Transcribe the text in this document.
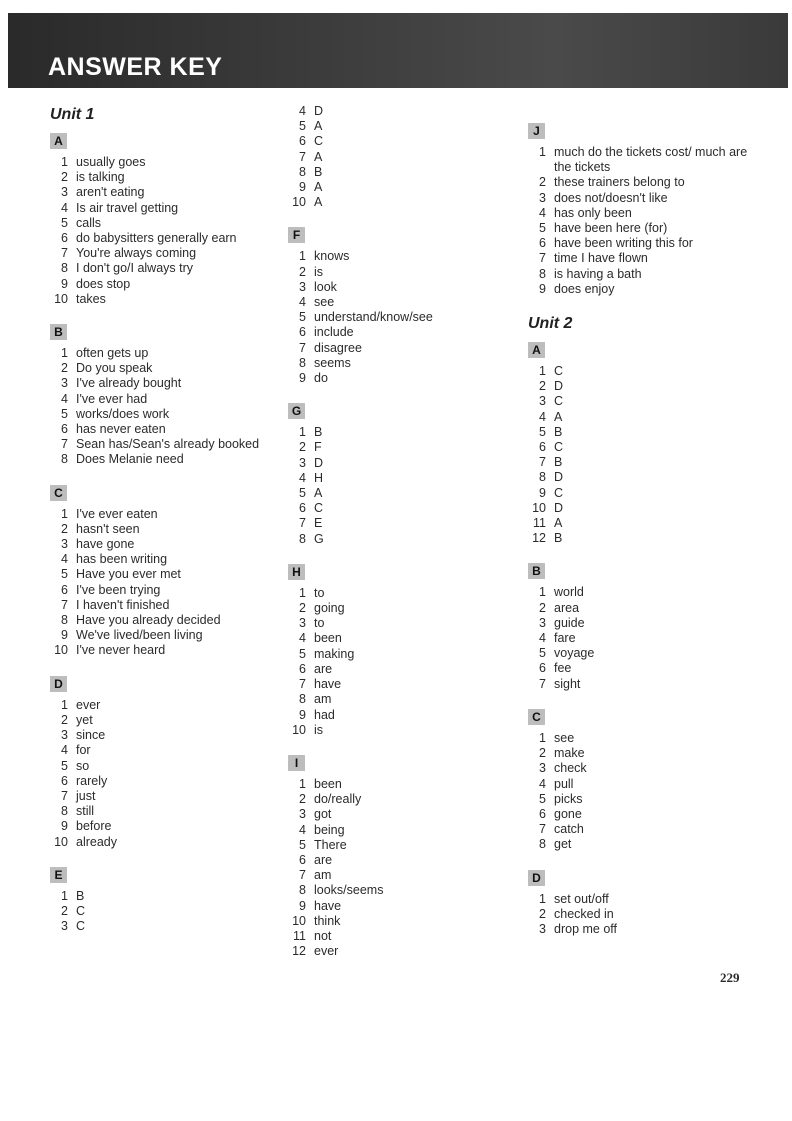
ANSWER KEY
Unit 1
A
1 usually goes
2 is talking
3 aren't eating
4 Is air travel getting
5 calls
6 do babysitters generally earn
7 You're always coming
8 I don't go/I always try
9 does stop
10 takes
B
1 often gets up
2 Do you speak
3 I've already bought
4 I've ever had
5 works/does work
6 has never eaten
7 Sean has/Sean's already booked
8 Does Melanie need
C
1 I've ever eaten
2 hasn't seen
3 have gone
4 has been writing
5 Have you ever met
6 I've been trying
7 I haven't finished
8 Have you already decided
9 We've lived/been living
10 I've never heard
D
1 ever
2 yet
3 since
4 for
5 so
6 rarely
7 just
8 still
9 before
10 already
E
1 B
2 C
3 C
4 D
5 A
6 C
7 A
8 B
9 A
10 A
F
1 knows
2 is
3 look
4 see
5 understand/know/see
6 include
7 disagree
8 seems
9 do
G
1 B
2 F
3 D
4 H
5 A
6 C
7 E
8 G
H
1 to
2 going
3 to
4 been
5 making
6 are
7 have
8 am
9 had
10 is
I
1 been
2 do/really
3 got
4 being
5 There
6 are
7 am
8 looks/seems
9 have
10 think
11 not
12 ever
J
1 much do the tickets cost/ much are the tickets
2 these trainers belong to
3 does not/doesn't like
4 has only been
5 have been here (for)
6 have been writing this for
7 time I have flown
8 is having a bath
9 does enjoy
Unit 2
A
1 C
2 D
3 C
4 A
5 B
6 C
7 B
8 D
9 C
10 D
11 A
12 B
B
1 world
2 area
3 guide
4 fare
5 voyage
6 fee
7 sight
C
1 see
2 make
3 check
4 pull
5 picks
6 gone
7 catch
8 get
D
1 set out/off
2 checked in
3 drop me off
229
